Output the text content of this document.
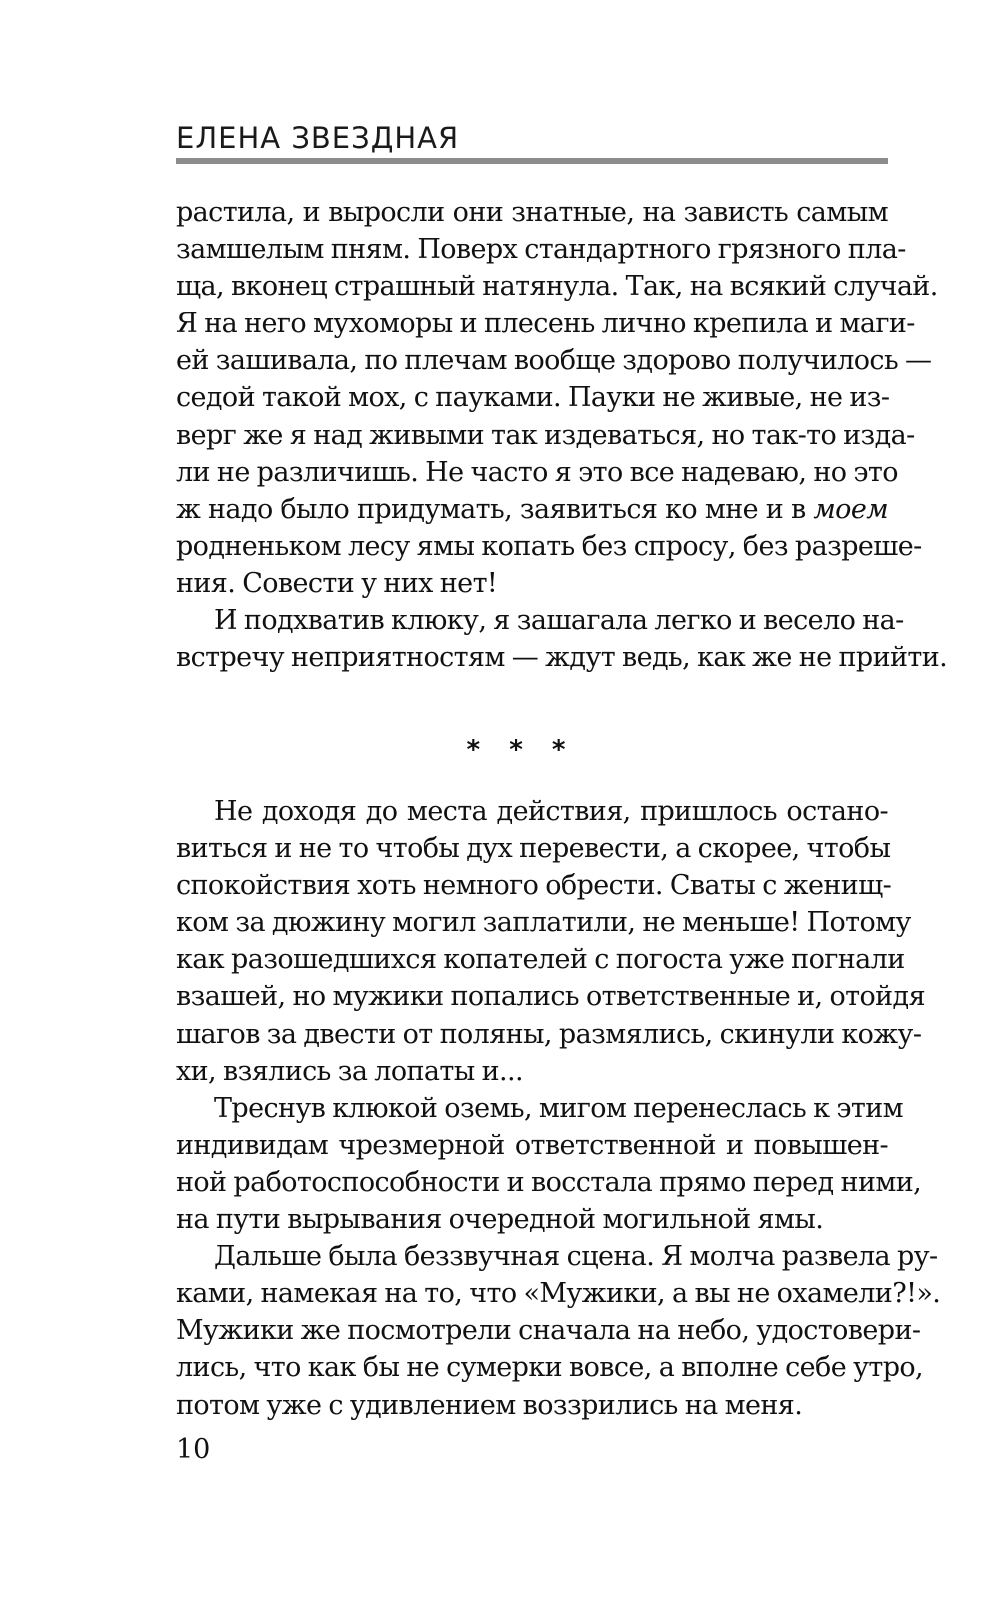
ЕЛЕНА ЗВЕЗДНАЯ
растила, и выросли они знатные, на зависть самым
замшелым пням. Поверх стандартного грязного пла-
ща, вконец страшный натянула. Так, на всякий случай.
Я на него мухоморы и плесень лично крепила и маги-
ей зашивала, по плечам вообще здорово получилось —
седой такой мох, с пауками. Пауки не живые, не из-
верг же я над живыми так издеваться, но так-то изда-
ли не различишь. Не часто я это все надеваю, но это
ж надо было придумать, заявиться ко мне и в моем
родненьком лесу ямы копать без спросу, без разреше-
ния. Совести у них нет!
И подхватив клюку, я зашагала легко и весело на-
встречу неприятностям — ждут ведь, как же не прийти.
* * *
Не доходя до места действия, пришлось остано-
виться и не то чтобы дух перевести, а скорее, чтобы
спокойствия хоть немного обрести. Сваты с женищ-
ком за дюжину могил заплатили, не меньше! Потому
как разошедшихся копателей с погоста уже погнали
взашей, но мужики попались ответственные и, отойдя
шагов за двести от поляны, размялись, скинули кожу-
хи, взялись за лопаты и...
Треснув клюкой оземь, мигом перенеслась к этим
индивидам чрезмерной ответственной и повышен-
ной работоспособности и восстала прямо перед ними,
на пути вырывания очередной могильной ямы.
Дальше была беззвучная сцена. Я молча развела ру-
ками, намекая на то, что «Мужики, а вы не охамели?!».
Мужики же посмотрели сначала на небо, удостовери-
лись, что как бы не сумерки вовсе, а вполне себе утро,
потом уже с удивлением воззрились на меня.
10
